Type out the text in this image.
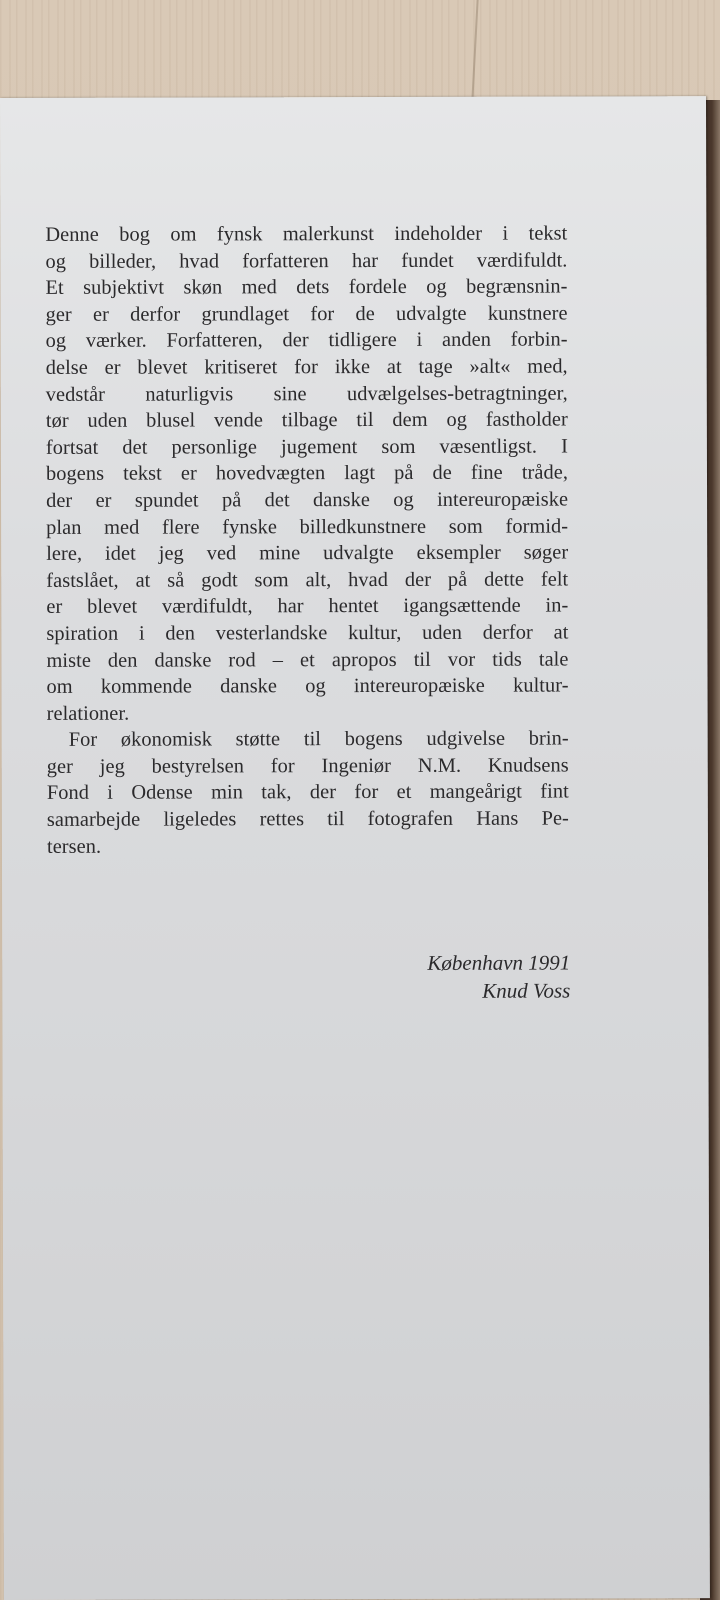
Denne bog om fynsk malerkunst indeholder i tekst
og billeder, hvad forfatteren har fundet værdifuldt.
Et subjektivt skøn med dets fordele og begrænsnin-
ger er derfor grundlaget for de udvalgte kunstnere
og værker. Forfatteren, der tidligere i anden forbin-
delse er blevet kritiseret for ikke at tage »alt« med,
vedstår naturligvis sine udvælgelses-betragtninger,
tør uden blusel vende tilbage til dem og fastholder
fortsat det personlige jugement som væsentligst. I
bogens tekst er hovedvægten lagt på de fine tråde,
der er spundet på det danske og intereuropæiske
plan med flere fynske billedkunstnere som formid-
lere, idet jeg ved mine udvalgte eksempler søger
fastslået, at så godt som alt, hvad der på dette felt
er blevet værdifuldt, har hentet igangsættende in-
spiration i den vesterlandske kultur, uden derfor at
miste den danske rod – et apropos til vor tids tale
om kommende danske og intereuropæiske kultur-
relationer.
For økonomisk støtte til bogens udgivelse brin-
ger jeg bestyrelsen for Ingeniør N.M. Knudsens
Fond i Odense min tak, der for et mangeårigt fint
samarbejde ligeledes rettes til fotografen Hans Pe-
tersen.
København 1991
Knud Voss
